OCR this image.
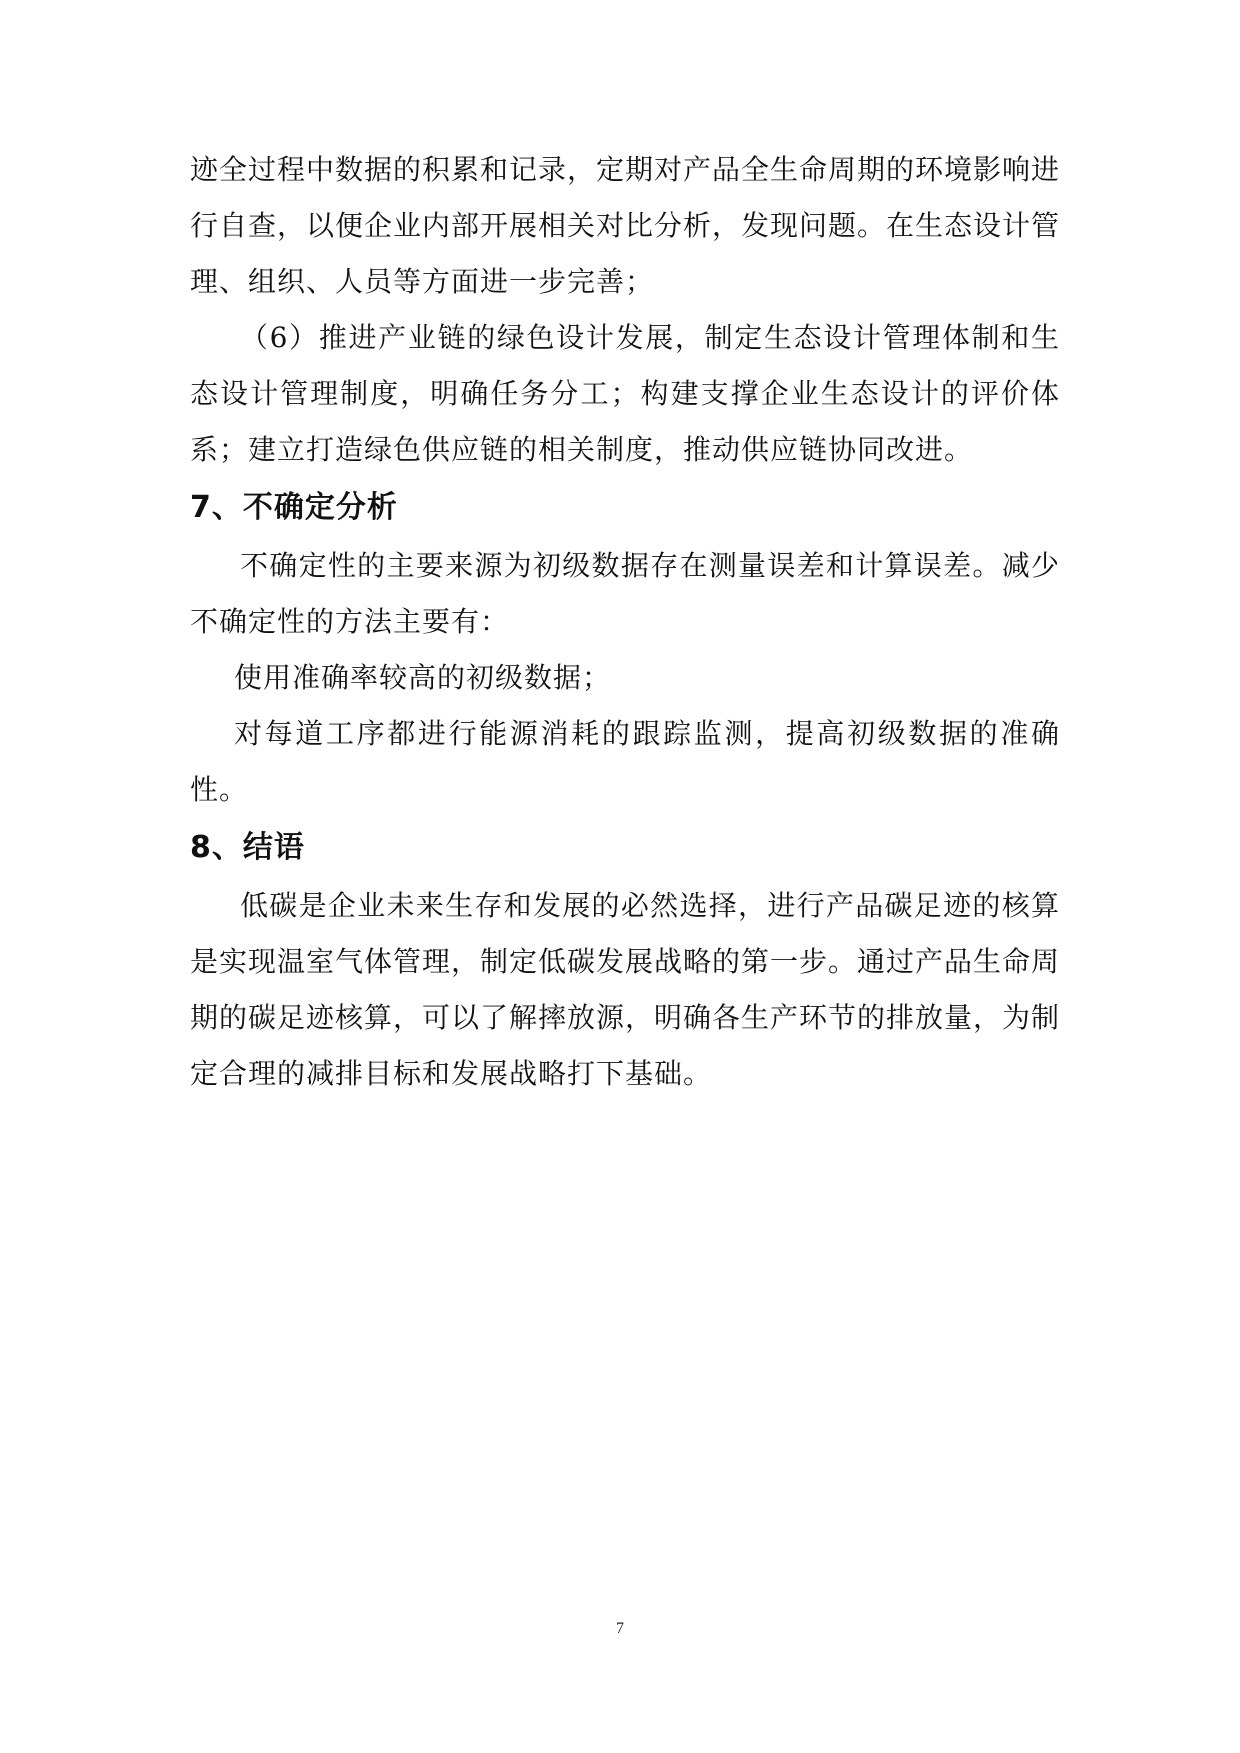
迹全过程中数据的积累和记录，定期对产品全生命周期的环境影响进行自查，以便企业内部开展相关对比分析，发现问题。在生态设计管理、组织、人员等方面进一步完善；

（6）推进产业链的绿色设计发展，制定生态设计管理体制和生态设计管理制度，明确任务分工；构建支撑企业生态设计的评价体系；建立打造绿色供应链的相关制度，推动供应链协同改进。

7、不确定分析

不确定性的主要来源为初级数据存在测量误差和计算误差。减少不确定性的方法主要有：

使用准确率较高的初级数据；

对每道工序都进行能源消耗的跟踪监测，提高初级数据的准确性。

8、结语

低碳是企业未来生存和发展的必然选择，进行产品碳足迹的核算是实现温室气体管理，制定低碳发展战略的第一步。通过产品生命周期的碳足迹核算，可以了解摔放源，明确各生产环节的排放量，为制定合理的减排目标和发展战略打下基础。

7
